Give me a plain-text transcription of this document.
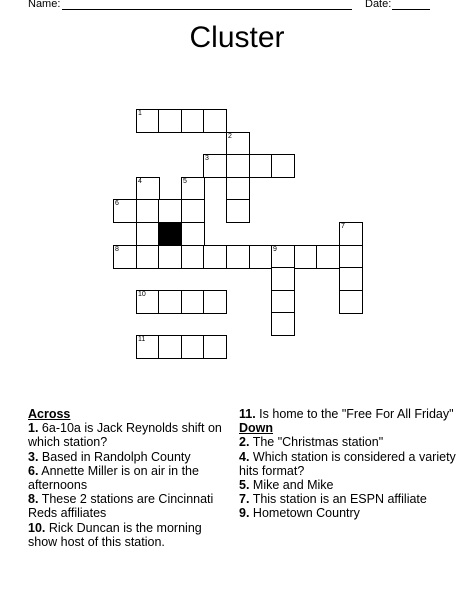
Name:	Date:
Cluster
1
2
3
4	5
6
7
8	9
10
11
Across
1. 6a-10a is Jack Reynolds shift on which station?
3. Based in Randolph County
6. Annette Miller is on air in the afternoons
8. These 2 stations are Cincinnati Reds affiliates
10. Rick Duncan is the morning show host of this station.
11. Is home to the "Free For All Friday"
Down
2. The "Christmas station"
4. Which station is considered a variety hits format?
5. Mike and Mike
7. This station is an ESPN affiliate
9. Hometown Country
